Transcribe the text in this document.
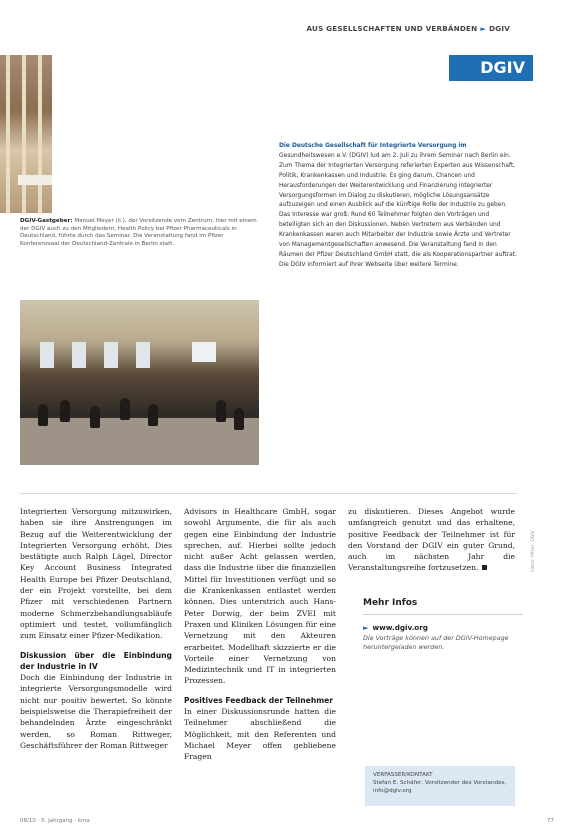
AUS GESELLSCHAFTEN UND VERBÄNDEN ► DGIV
DGIV
DGIV-Gastgeber: Manuel Meyer (li.), der Vorsitzende vom Zentrum, hier mit einem der DGIV auch zu den Mitgliedern, Health Policy bei Pfizer Pharmaceuticals in Deutschland, führte durch das Seminar. Die Veranstaltung fand im Pfizer Konferenzsaal der Deutschland-Zentrale in Berlin statt.
Die Deutsche Gesellschaft für Integrierte Versorgung im Gesundheitswesen e.V. (DGIV) lud am 2. Juli zu ihrem Seminar nach Berlin ein. Zum Thema der Integrierten Versorgung referierten Experten aus Wissenschaft, Politik, Krankenkassen und Industrie. Es ging darum, Chancen und Herausforderungen der Weiterentwicklung und Finanzierung integrierter Versorgungsformen im Dialog zu diskutieren, mögliche Lösungsansätze aufzuzeigen und einen Ausblick auf die künftige Rolle der Industrie zu geben. Das Interesse war groß: Rund 60 Teilnehmer folgten den Vorträgen und beteiligten sich an den Diskussionen. Neben Vertretern aus Verbänden und Krankenkassen waren auch Mitarbeiter der Industrie sowie Ärzte und Vertreter von Managementgesellschaften anwesend. Die Veranstaltung fand in den Räumen der Pfizer Deutschland GmbH statt, die als Kooperationspartner auftrat. Die DGIV informiert auf ihrer Webseite über weitere Termine.
Integrierten Versorgung mitzuwirken, haben sie ihre Anstrengungen im Bezug auf die Weiterentwicklung der Integrierten Versorgung erhöht. Dies bestätigte auch Ralph Lägel, Director Key Account Business Integrated Health Europe bei Pfizer Deutschland, der ein Projekt vorstellte, bei dem Pfizer mit verschiedenen Partnern moderne Schmerzbehandlungsabläufe optimiert und testet, vollumfänglich zum Einsatz einer Pfizer-Medikation.
Diskussion über die Einbindung der Industrie in IV
Doch die Einbindung der Industrie in integrierte Versorgungsmodelle wird nicht nur positiv bewertet. So könnte beispielsweise die Therapiefreiheit der behandelnden Ärzte eingeschränkt werden, so Roman Rittweger, Geschäftsführer der Roman Rittweger
Advisors in Healthcare GmbH, sogar sowohl Argumente, die für als auch gegen eine Einbindung der Industrie sprechen, auf. Hierbei sollte jedoch nicht außer Acht gelassen werden, dass die Industrie über die finanziellen Mittel für Investitionen verfügt und so die Krankenkassen entlastet werden können. Dies unterstrich auch Hans-Peter Dorwig, der beim ZVEI mit Praxen und Kliniken Lösungen für eine Vernetzung mit den Akteuren erarbeitet. Modellhaft skizzierte er die Vorteile einer Vernetzung von Medizintechnik und IT in integrierten Prozessen.
Positives Feedback der Teilnehmer
In einer Diskussionsrunde hatten die Teilnehmer abschließend die Möglichkeit, mit den Referenten und Michael Meyer offen gebliebene Fragen
zu diskutieren. Dieses Angebot wurde umfangreich genutzt und das erhaltene, positive Feedback der Teilnehmer ist für den Vorstand der DGIV ein guter Grund, auch im nächsten Jahr die Veranstaltungsreihe fortzusetzen.	Fotos: Pfizer, DGIV
Mehr Infos
► www.dgiv.org
Die Vorträge können auf der DGIV-Homepage heruntergeladen werden.
VERFASSER/KONTAKT
Stefan E. Schäfer, Vorsitzender des Vorstandes, info@dgiv.org
08/10 · 5. Jahrgang · kma	77
